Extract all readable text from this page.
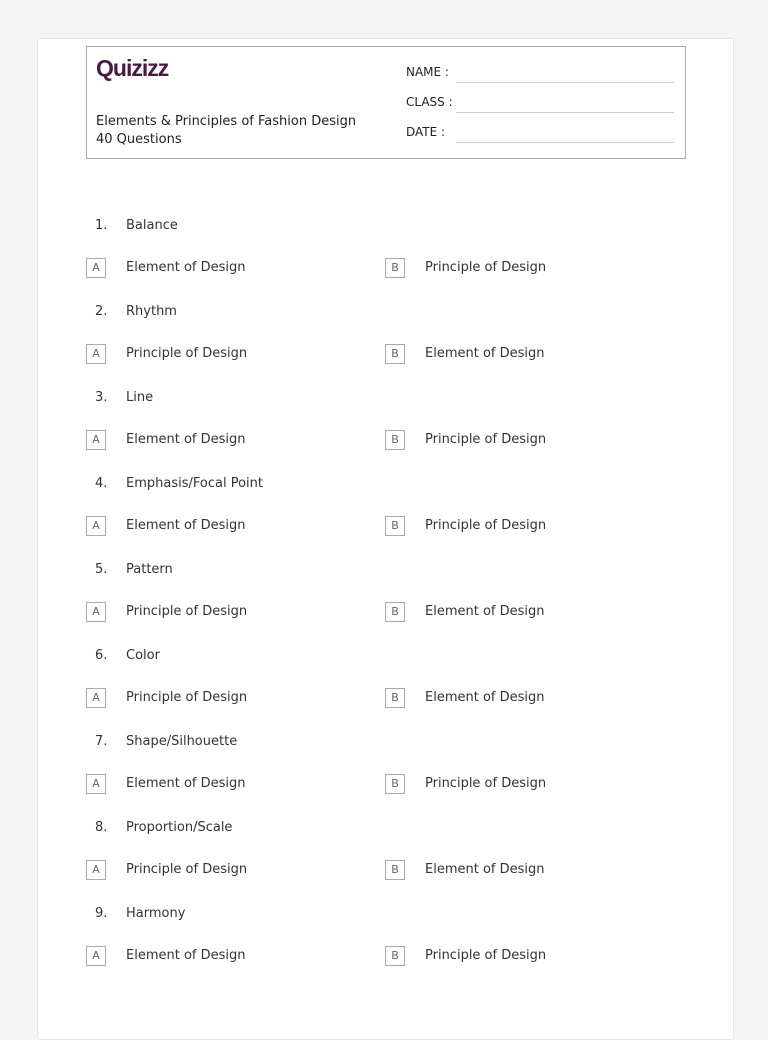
Quizizz
Elements & Principles of Fashion Design
40 Questions
NAME :
CLASS :
DATE :
1. Balance
A	Element of Design	B	Principle of Design
2. Rhythm
A	Principle of Design	B	Element of Design
3. Line
A	Element of Design	B	Principle of Design
4. Emphasis/Focal Point
A	Element of Design	B	Principle of Design
5. Pattern
A	Principle of Design	B	Element of Design
6. Color
A	Principle of Design	B	Element of Design
7. Shape/Silhouette
A	Element of Design	B	Principle of Design
8. Proportion/Scale
A	Principle of Design	B	Element of Design
9. Harmony
A	Element of Design	B	Principle of Design
